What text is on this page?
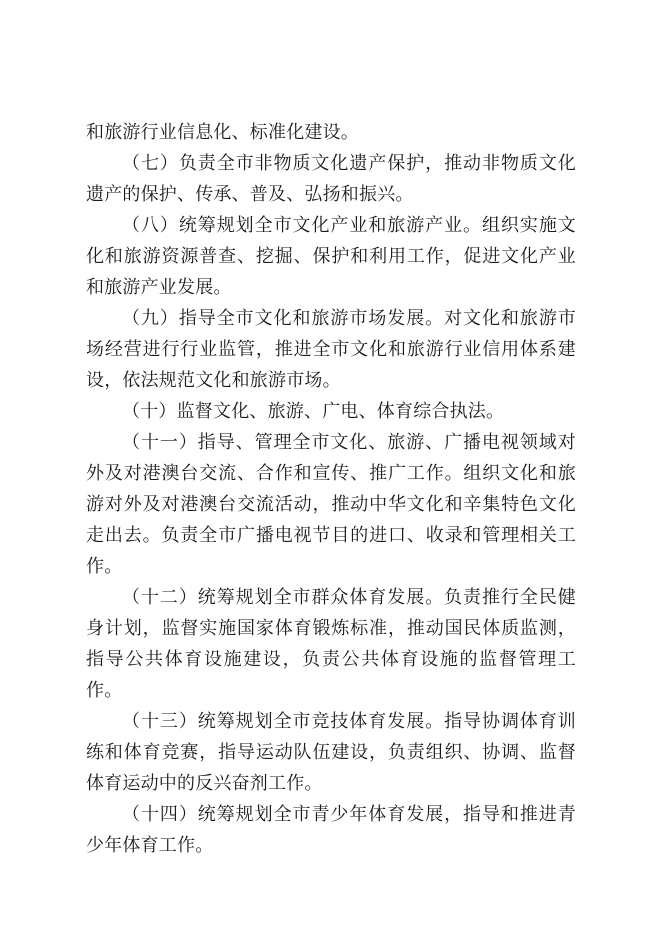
和旅游行业信息化、标准化建设。

（七）负责全市非物质文化遗产保护，推动非物质文化遗产的保护、传承、普及、弘扬和振兴。

（八）统筹规划全市文化产业和旅游产业。组织实施文化和旅游资源普查、挖掘、保护和利用工作，促进文化产业和旅游产业发展。

（九）指导全市文化和旅游市场发展。对文化和旅游市场经营进行行业监管，推进全市文化和旅游行业信用体系建设，依法规范文化和旅游市场。

（十）监督文化、旅游、广电、体育综合执法。

（十一）指导、管理全市文化、旅游、广播电视领域对外及对港澳台交流、合作和宣传、推广工作。组织文化和旅游对外及对港澳台交流活动，推动中华文化和辛集特色文化走出去。负责全市广播电视节目的进口、收录和管理相关工作。

（十二）统筹规划全市群众体育发展。负责推行全民健身计划，监督实施国家体育锻炼标准，推动国民体质监测，指导公共体育设施建设，负责公共体育设施的监督管理工作。

（十三）统筹规划全市竞技体育发展。指导协调体育训练和体育竞赛，指导运动队伍建设，负责组织、协调、监督体育运动中的反兴奋剂工作。

（十四）统筹规划全市青少年体育发展，指导和推进青少年体育工作。
